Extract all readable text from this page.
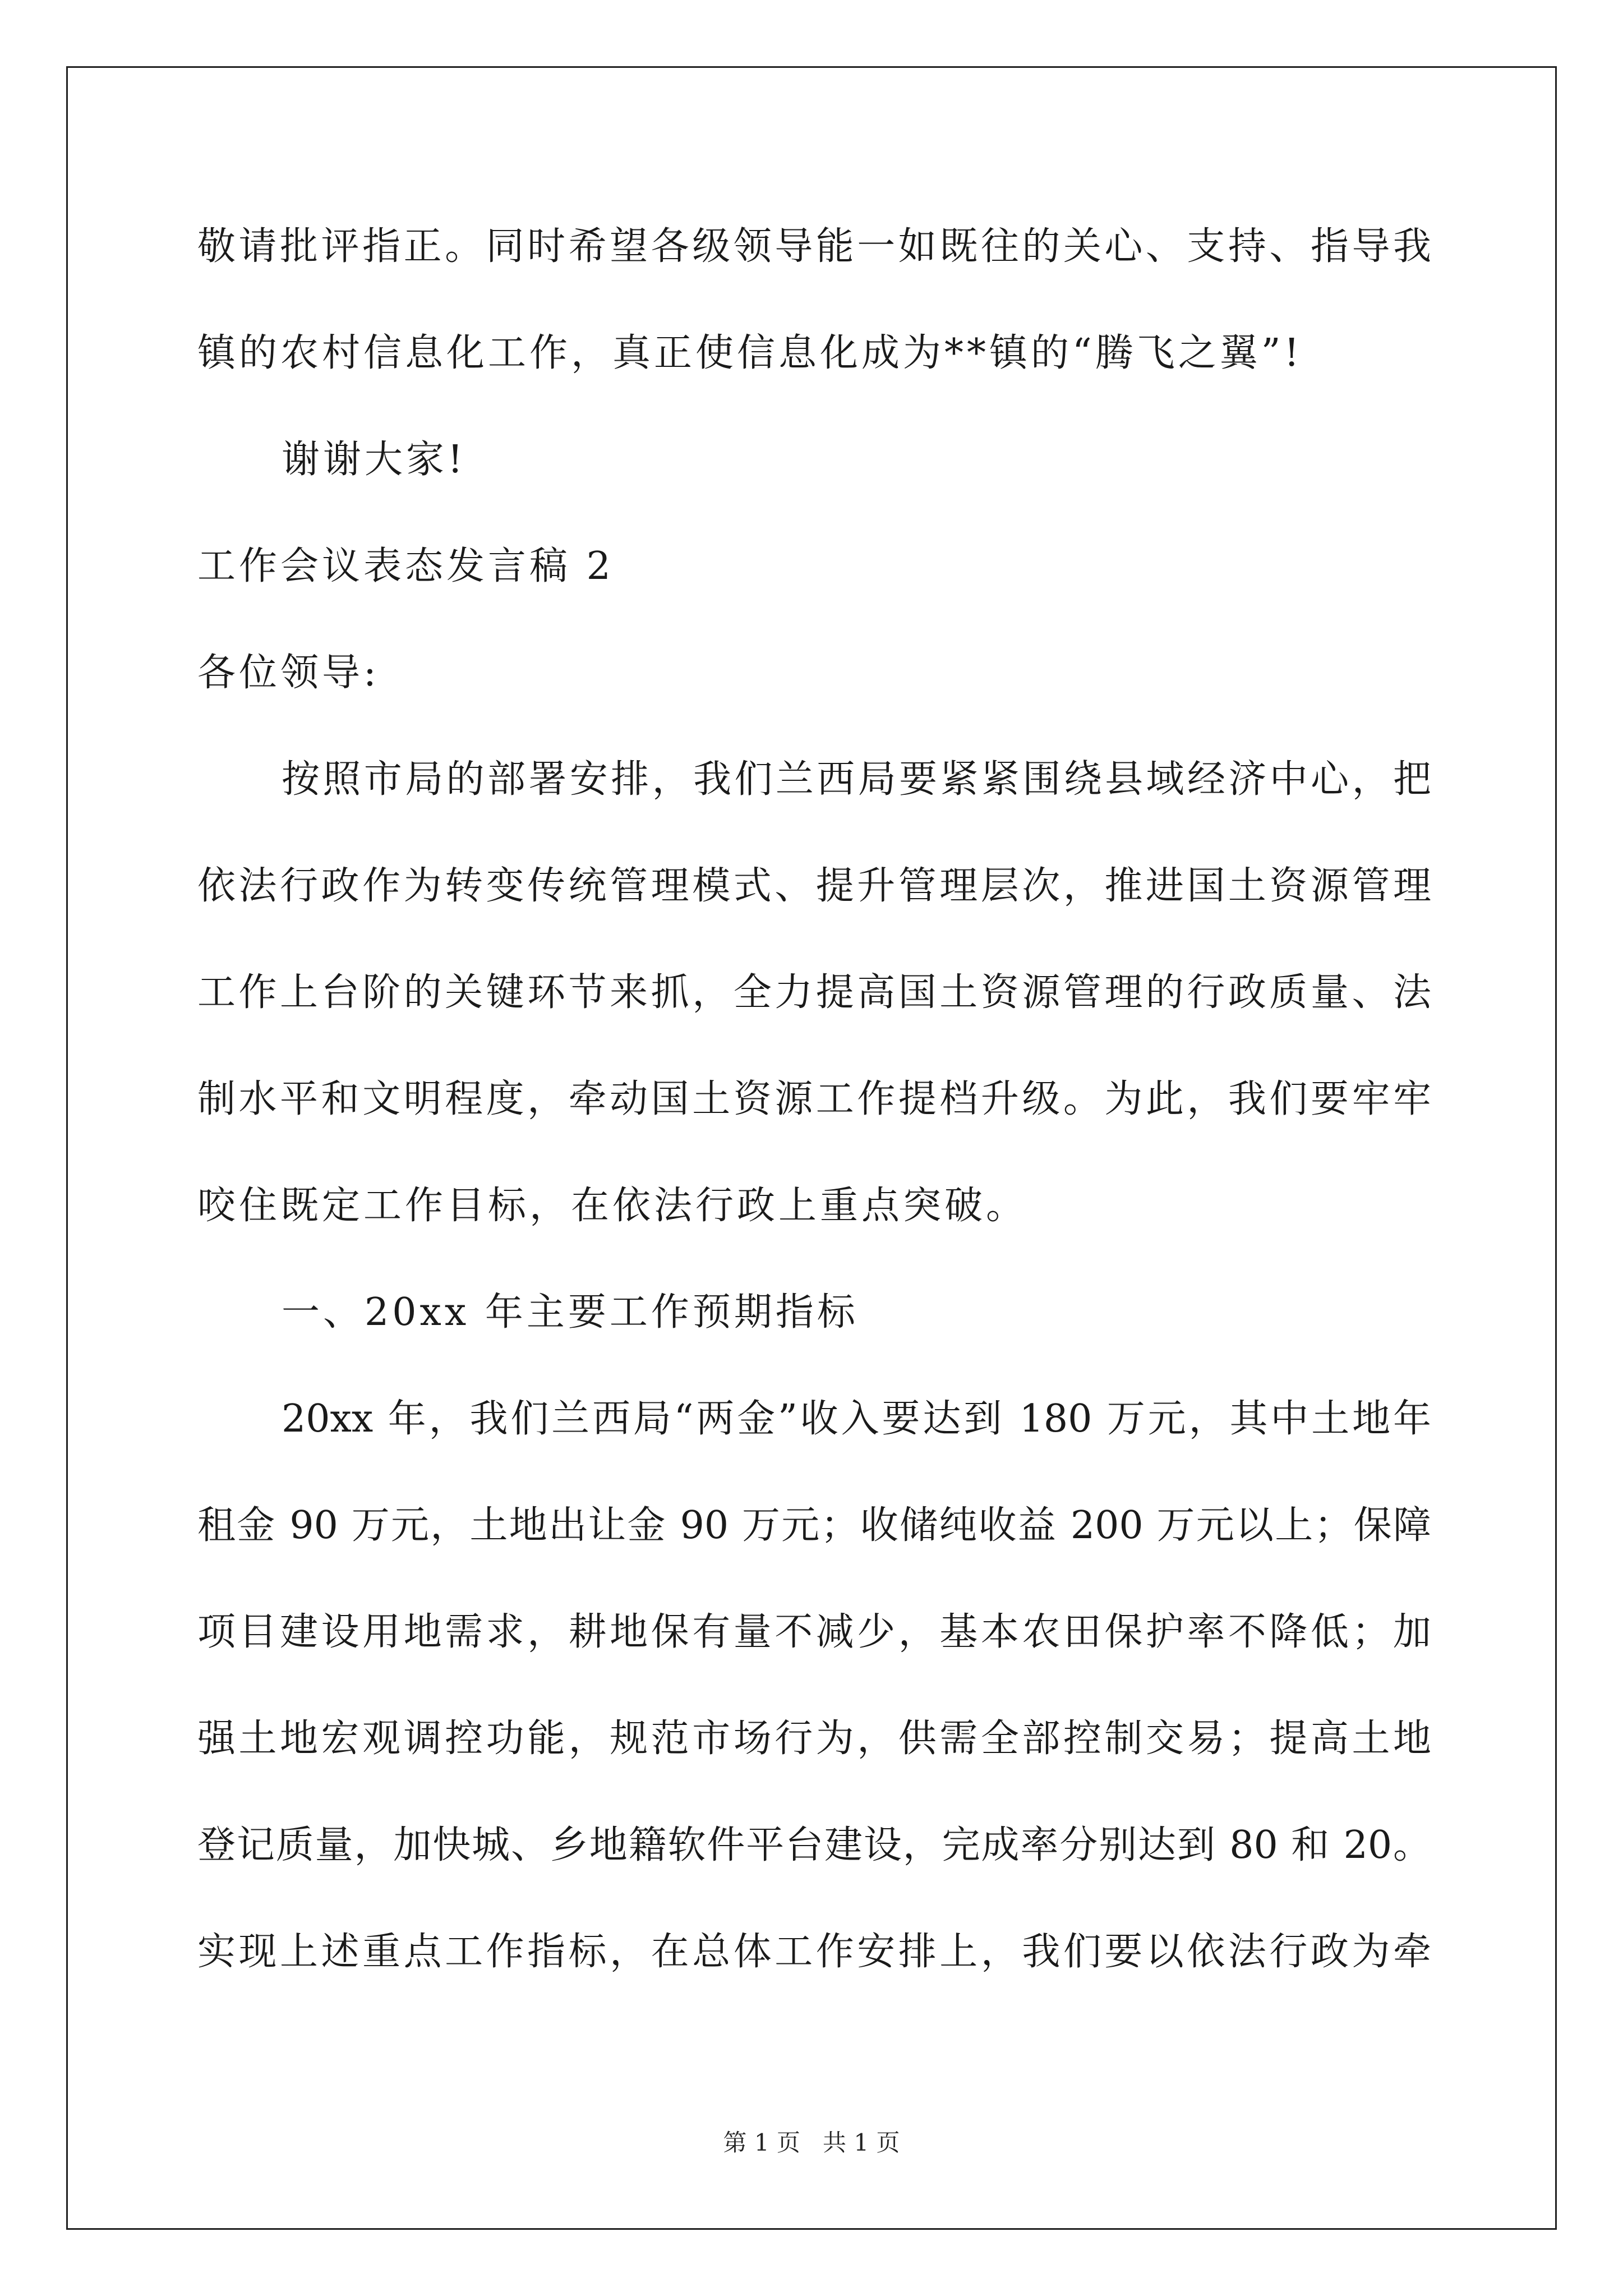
敬请批评指正。同时希望各级领导能一如既往的关心、支持、指导我
镇的农村信息化工作，真正使信息化成为**镇的“腾飞之翼”!
谢谢大家!
工作会议表态发言稿 2
各位领导:
按照市局的部署安排，我们兰西局要紧紧围绕县域经济中心，把
依法行政作为转变传统管理模式、提升管理层次，推进国土资源管理
工作上台阶的关键环节来抓，全力提高国土资源管理的行政质量、法
制水平和文明程度，牵动国土资源工作提档升级。为此，我们要牢牢
咬住既定工作目标，在依法行政上重点突破。
一、20xx 年主要工作预期指标
20xx 年，我们兰西局“两金”收入要达到 180 万元，其中土地年
租金 90 万元，土地出让金 90 万元；收储纯收益 200 万元以上；保障
项目建设用地需求，耕地保有量不减少，基本农田保护率不降低；加
强土地宏观调控功能，规范市场行为，供需全部控制交易；提高土地
登记质量，加快城、乡地籍软件平台建设，完成率分别达到 80 和 20。
实现上述重点工作指标，在总体工作安排上，我们要以依法行政为牵
第 1 页   共 1 页
